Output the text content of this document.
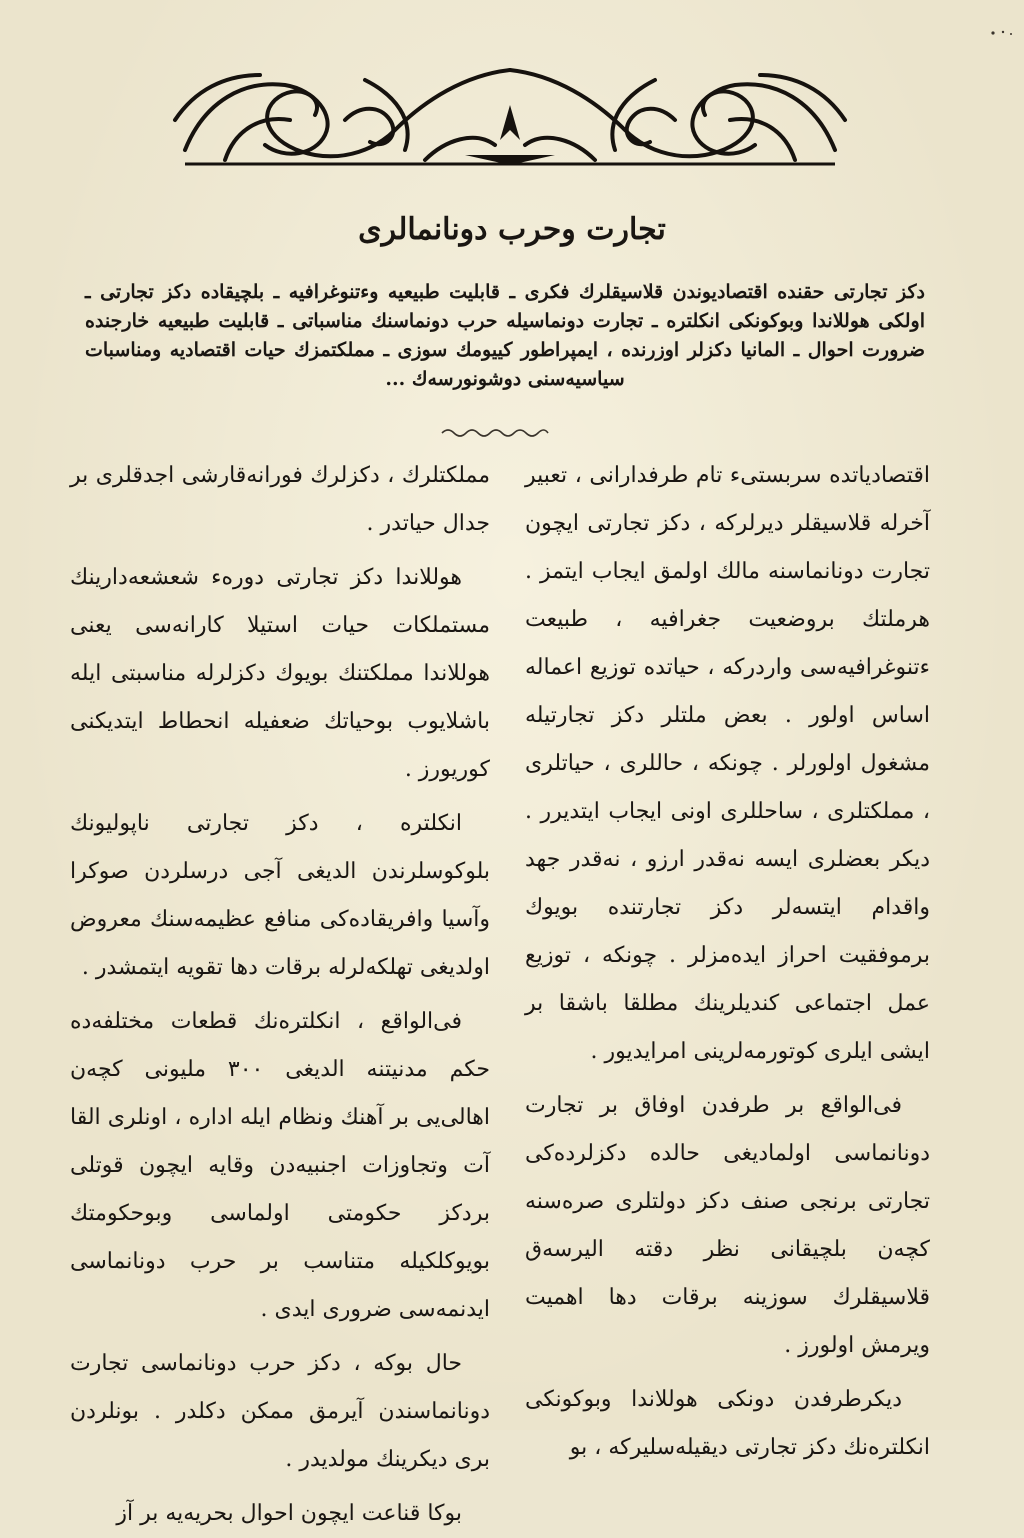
تجارت وحرب دونانمالری
دکز تجارتی حقنده اقتصادیوندن قلاسیقلرك فکری ـ قابلیت طبیعیه وءتنوغرافیه ـ بلچیقاده دکز تجارتی ـ اولکی هوللاندا وبوکونکی انکلتره ـ تجارت دونماسیله حرب دونماسنك مناسباتی ـ قابلیت طبیعیه خارجنده ضرورت احوال ـ المانیا دکزلر اوزرنده ، ایمپراطور کییومك سوزی ـ مملکتمزك حیات اقتصادیه ومناسبات سیاسیه‌سنی دوشونورسه‌ك ...

اقتصادیاتده سربستیء تام طرفدارانی ، تعبیر آخرله قلاسیقلر دیرلرکه ، دکز تجارتی ایچون تجارت دونانماسنه مالك اولمق ایجاب ایتمز . هرملتك بروضعیت جغرافیه ، طبیعت ءتنوغرافیه‌سی واردرکه ، حیاتده توزیع اعماله اساس اولور . بعض ملتلر دکز تجارتیله مشغول اولورلر . چونکه ، حاللری ، حیاتلری ، مملکتلری ، ساحللری اونی ایجاب ایتدیرر . دیکر بعضلری ایسه نه‌قدر ارزو ، نه‌قدر جهد واقدام ایتسه‌لر دکز تجارتنده بویوك برموفقیت احراز ایده‌مزلر . چونکه ، توزیع عمل اجتماعی کندیلرینك مطلقا باشقا بر ایشی ایلری کوتورمه‌لرینی امرایدیور .

فی‌الواقع بر طرفدن اوفاق بر تجارت دونانماسی اولمادیغی حالده دکزلرده‌کی تجارتی برنجی صنف دکز دولتلری صره‌سنه کچه‌ن بلچیقانی نظر دقته الیرسه‌ق قلاسیقلرك سوزینه برقات دها اهمیت ویرمش اولورز .

دیکرطرفدن دونکی هوللاندا وبوکونکی انکلتره‌نك دکز تجارتی دیقیله‌سلیرکه ، بو

مملکتلرك ، دکزلرك فورانه‌قارشی اجدقلری بر جدال حیاتدر .

هوللاندا دکز تجارتی دوره‌ء شعشعه‌دارینك مستملکات حیات استیلا کارانه‌سی یعنی هوللاندا مملکتنك بویوك دکزلرله مناسبتی ایله باشلایوب بوحیاتك ضعفیله انحطاط ایتدیکنی کوریورز .

انکلتره ، دکز تجارتی ناپولیونك بلوکوسلرندن الدیغی آجی درسلردن صوکرا وآسیا وافریقاده‌کی منافع عظیمه‌سنك معروض اولدیغی تهلکه‌لرله برقات دها تقویه ایتمشدر .

فی‌الواقع ، انکلتره‌نك قطعات مختلفه‌ده حکم مدنیتنه الدیغی ۳۰۰ ملیونی کچه‌ن اهالی‌یی بر آهنك ونظام ایله اداره ، اونلری القا آت وتجاوزات اجنبیه‌دن وقایه ایچون قوتلی بردکز حکومتی اولماسی وبوحکومتك بویوکلکیله متناسب بر حرب دونانماسی ایدنمه‌سی ضروری ایدی .

حال بوکه ، دکز حرب دونانماسی تجارت دونانماسندن آیرمق ممکن دکلدر . بونلردن بری دیکرینك مولدیدر .

بوکا قناعت ایچون احوال بحریه‌یه بر آز
